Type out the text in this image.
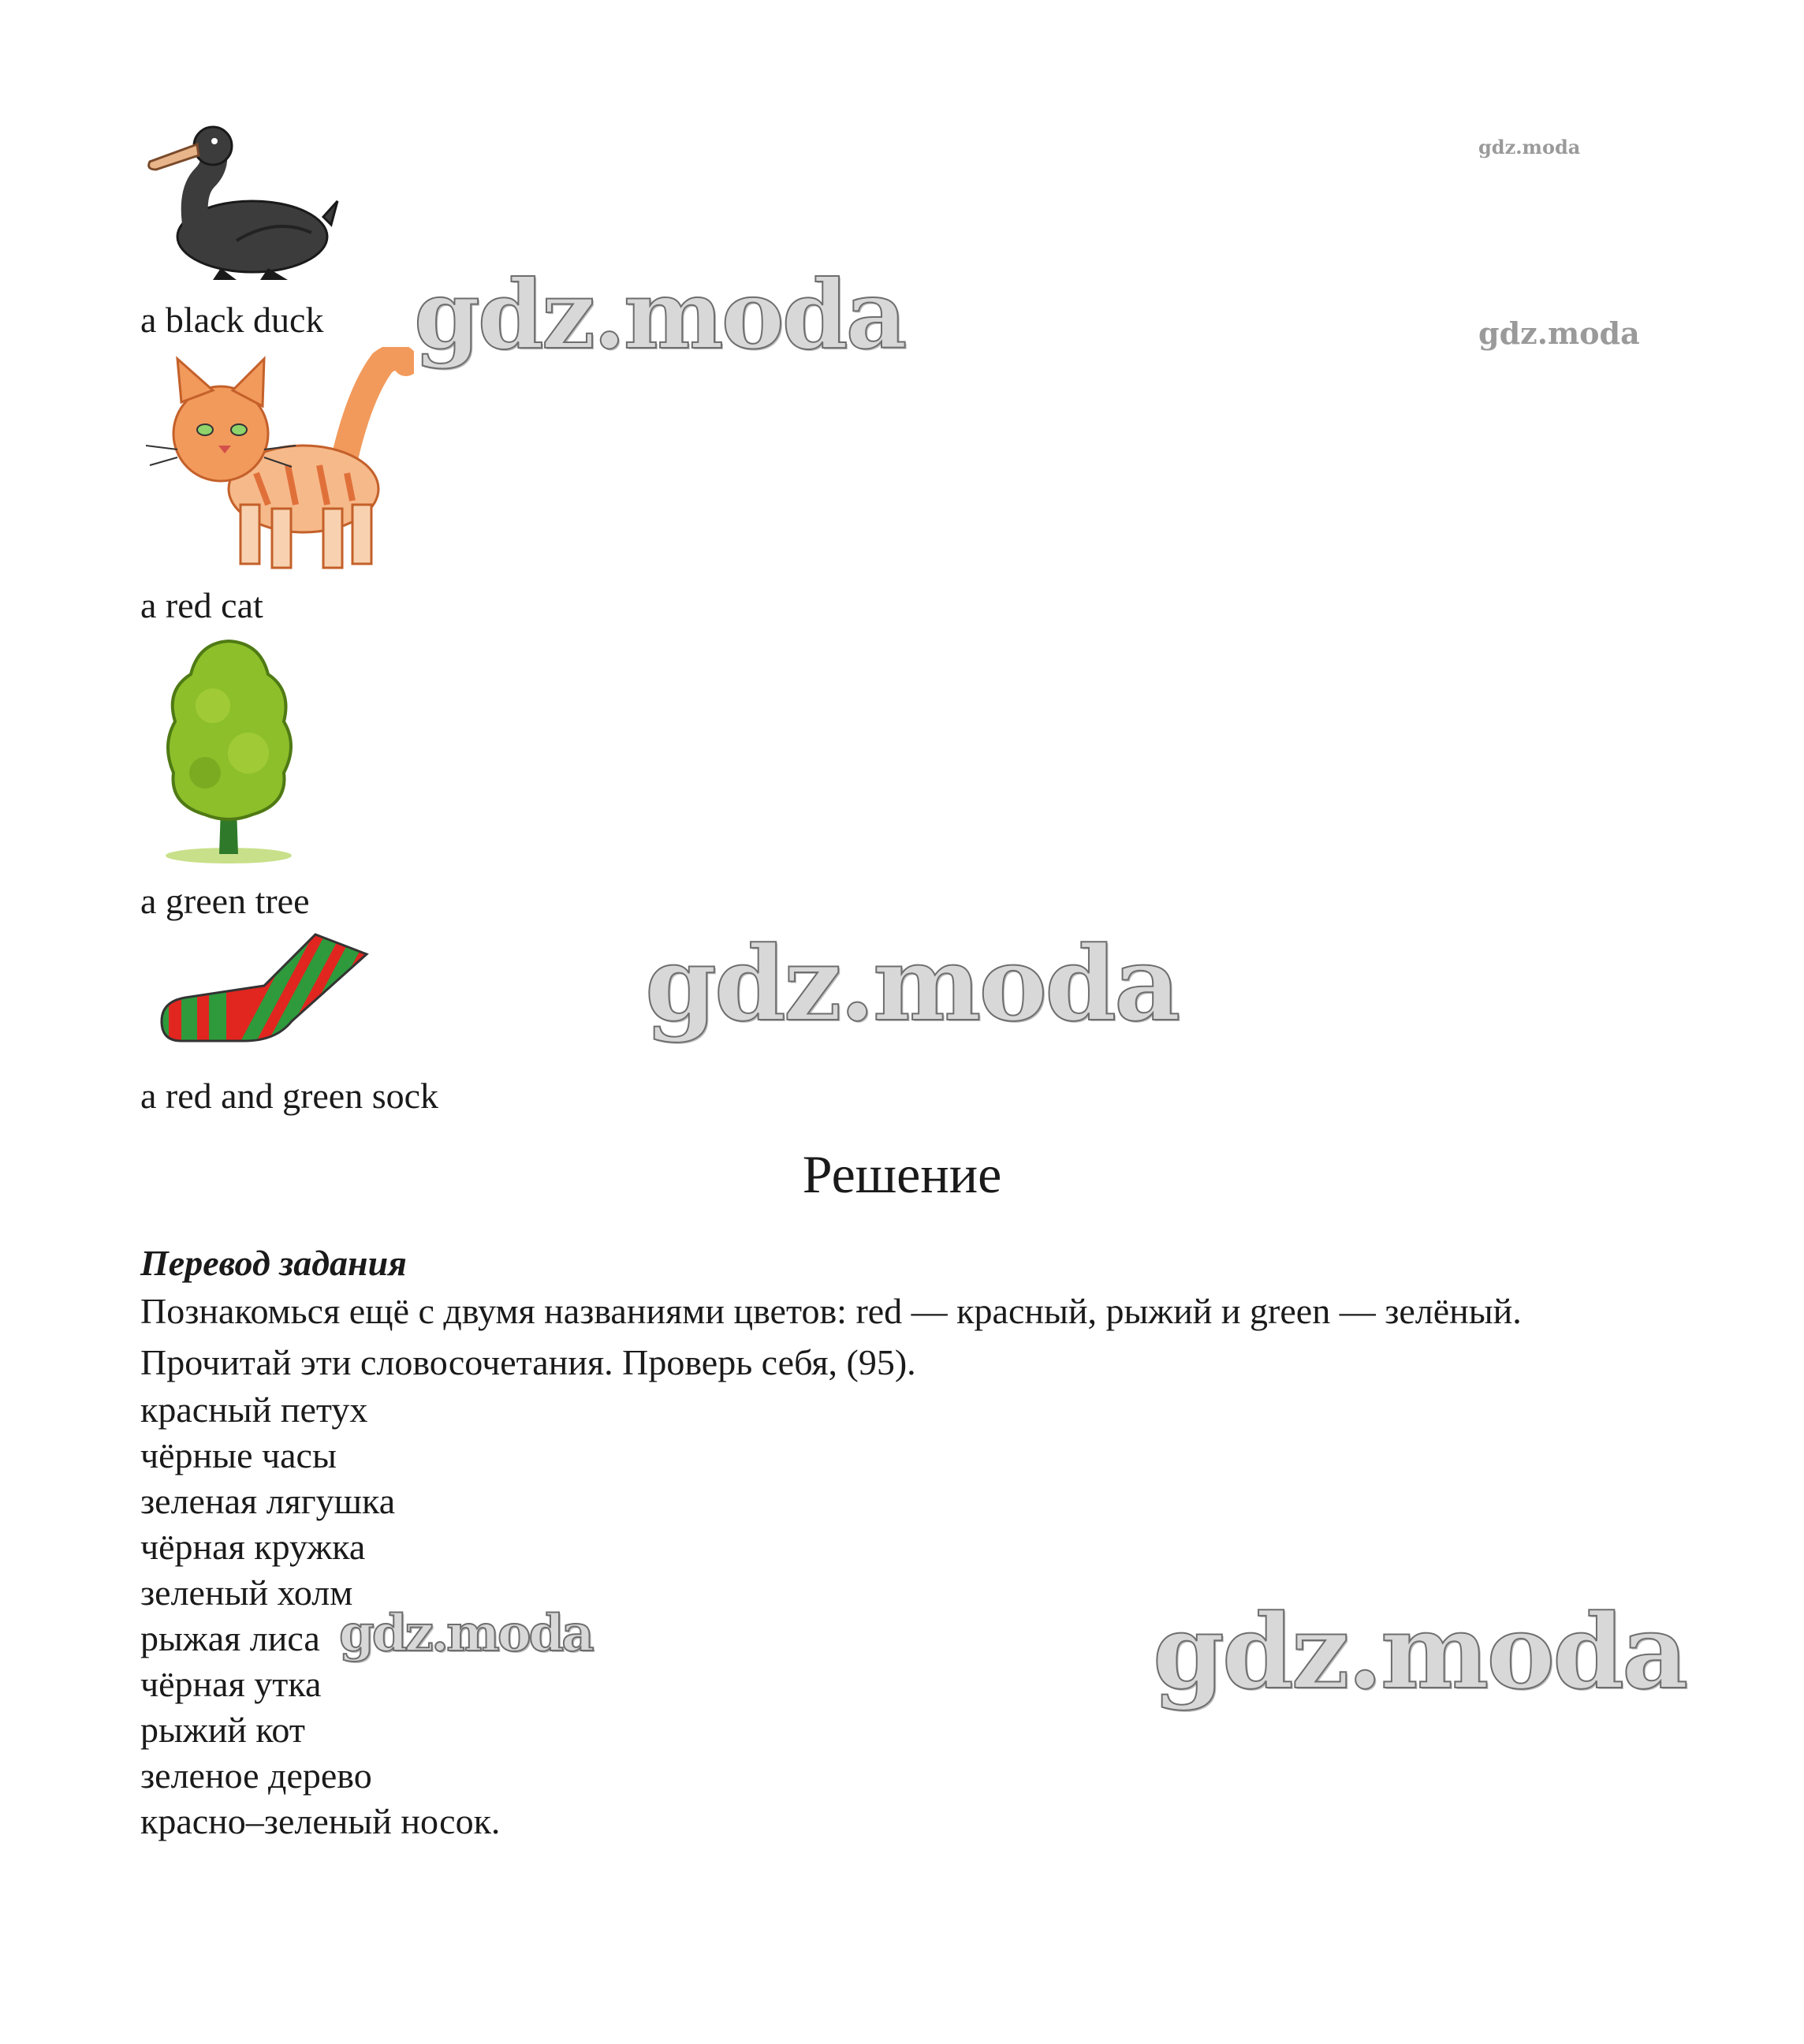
a black duck
a red cat
a green tree
a red and green sock
Решение
Перевод задания
Познакомься ещё с двумя названиями цветов: red — красный, рыжий и green — зелёный.
Прочитай эти словосочетания. Проверь себя, (95).
красный петух
чёрные часы
зеленая лягушка
чёрная кружка
зеленый холм
рыжая лиса
чёрная утка
рыжий кот
зеленое дерево
красно–зеленый носок.
gdz.moda
gdz.moda
gdz.moda
gdz.moda
gdz.moda	gdz.moda
